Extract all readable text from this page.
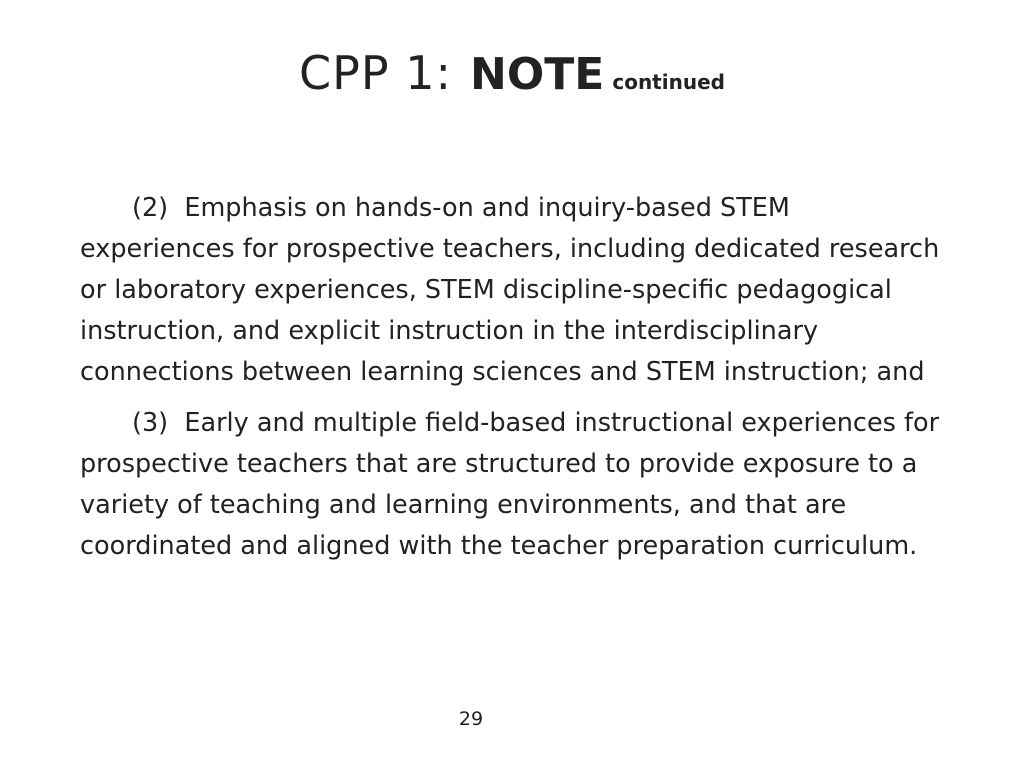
CPP 1: NOTE continued

(2)  Emphasis on hands-on and inquiry-based STEM experiences for prospective teachers, including dedicated research or laboratory experiences, STEM discipline-specific pedagogical instruction, and explicit instruction in the interdisciplinary connections between learning sciences and STEM instruction; and

(3)  Early and multiple field-based instructional experiences for prospective teachers that are structured to provide exposure to a variety of teaching and learning environments, and that are coordinated and aligned with the teacher preparation curriculum.

29
